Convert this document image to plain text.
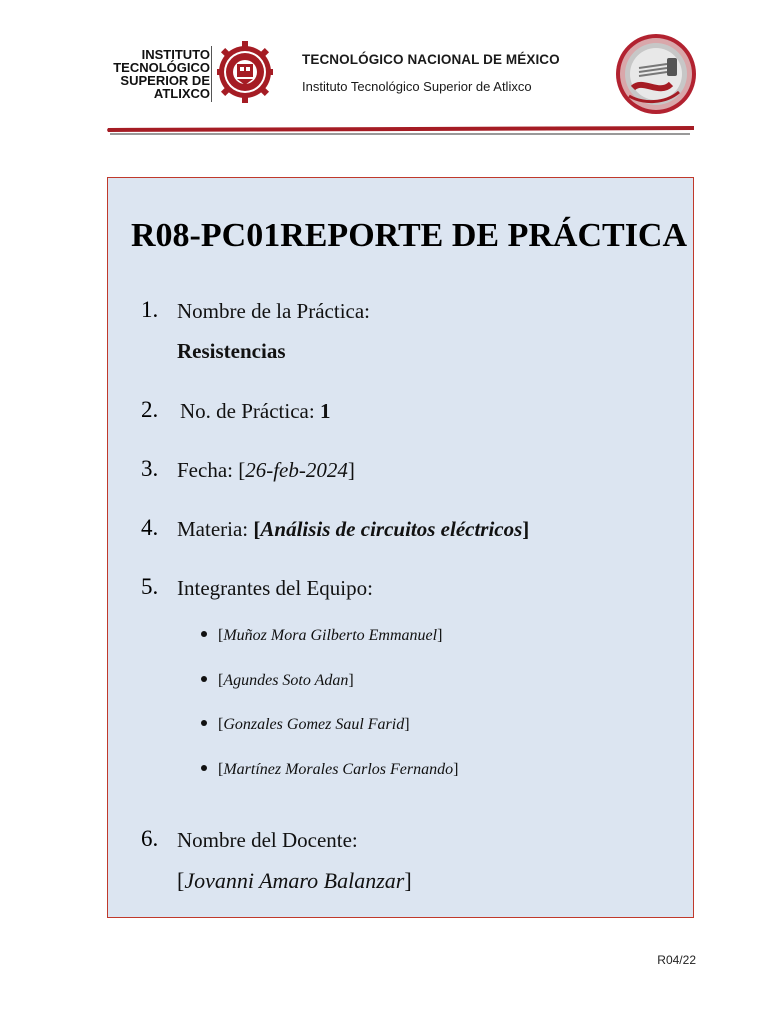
INSTITUTO
TECNOLÓGICO
SUPERIOR DE
ATLIXCO
TECNOLÓGICO NACIONAL DE MÉXICO
Instituto Tecnológico Superior de Atlixco
R08-PC01REPORTE DE PRÁCTICA
1. Nombre de la Práctica:
Resistencias
2. No. de Práctica: 1
3. Fecha: [26-feb-2024]
4. Materia: [Análisis de circuitos eléctricos]
5. Integrantes del Equipo:
[Muñoz Mora Gilberto Emmanuel]
[Agundes Soto Adan]
[Gonzales Gomez Saul Farid]
[Martínez Morales Carlos Fernando]
6. Nombre del Docente:
[Jovanni Amaro Balanzar]
R04/22
